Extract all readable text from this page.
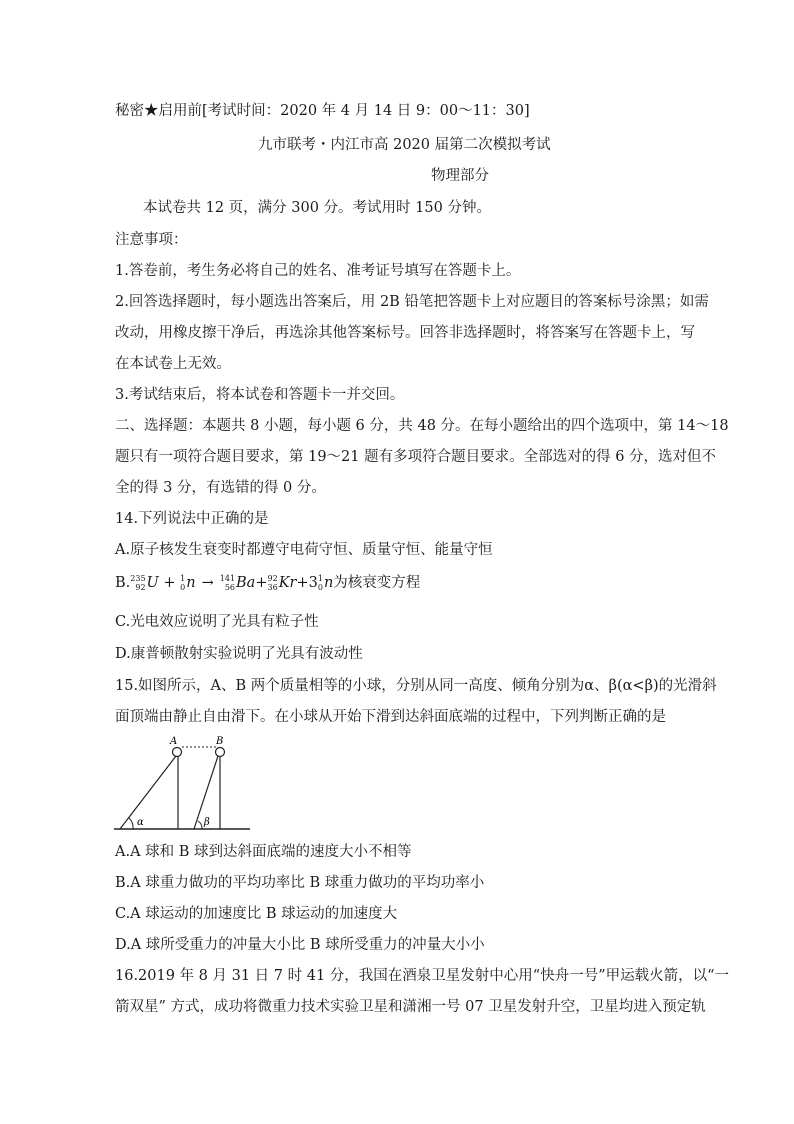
秘密★启用前[考试时间：2020 年 4 月 14 日 9：00～11：30]
九市联考・内江市高 2020 届第二次模拟考试
物理部分
本试卷共 12 页，满分 300 分。考试用时 150 分钟。
注意事项：
1.答卷前，考生务必将自己的姓名、准考证号填写在答题卡上。
2.回答选择题时，每小题选出答案后，用 2B 铅笔把答题卡上对应题目的答案标号涂黑；如需
改动，用橡皮擦干净后，再选涂其他答案标号。回答非选择题时，将答案写在答题卡上，写
在本试卷上无效。
3.考试结束后，将本试卷和答题卡一并交回。
二、选择题：本题共 8 小题，每小题 6 分，共 48 分。在每小题给出的四个选项中，第 14～18
题只有一项符合题目要求，第 19～21 题有多项符合题目要求。全部选对的得 6 分，选对但不
全的得 3 分，有选错的得 0 分。
14.下列说法中正确的是
A.原子核发生衰变时都遵守电荷守恒、质量守恒、能量守恒
B. 235
92 U + 1
0 n → 141
56 Ba+ 92
36 Kr+3 1
0 n为核衰变方程
C.光电效应说明了光具有粒子性
D.康普顿散射实验说明了光具有波动性
15.如图所示，A、B 两个质量相等的小球，分别从同一高度、倾角分别为α、β(α<β)的光滑斜
面顶端由静止自由滑下。在小球从开始下滑到达斜面底端的过程中，下列判断正确的是
A	B
α	β
A.A 球和 B 球到达斜面底端的速度大小不相等
B.A 球重力做功的平均功率比 B 球重力做功的平均功率小
C.A 球运动的加速度比 B 球运动的加速度大
D.A 球所受重力的冲量大小比 B 球所受重力的冲量大小小
16.2019 年 8 月 31 日 7 时 41 分，我国在酒泉卫星发射中心用“快舟一号”甲运载火箭，以“一
箭双星” 方式，成功将微重力技术实验卫星和潇湘一号 07 卫星发射升空，卫星均进入预定轨
